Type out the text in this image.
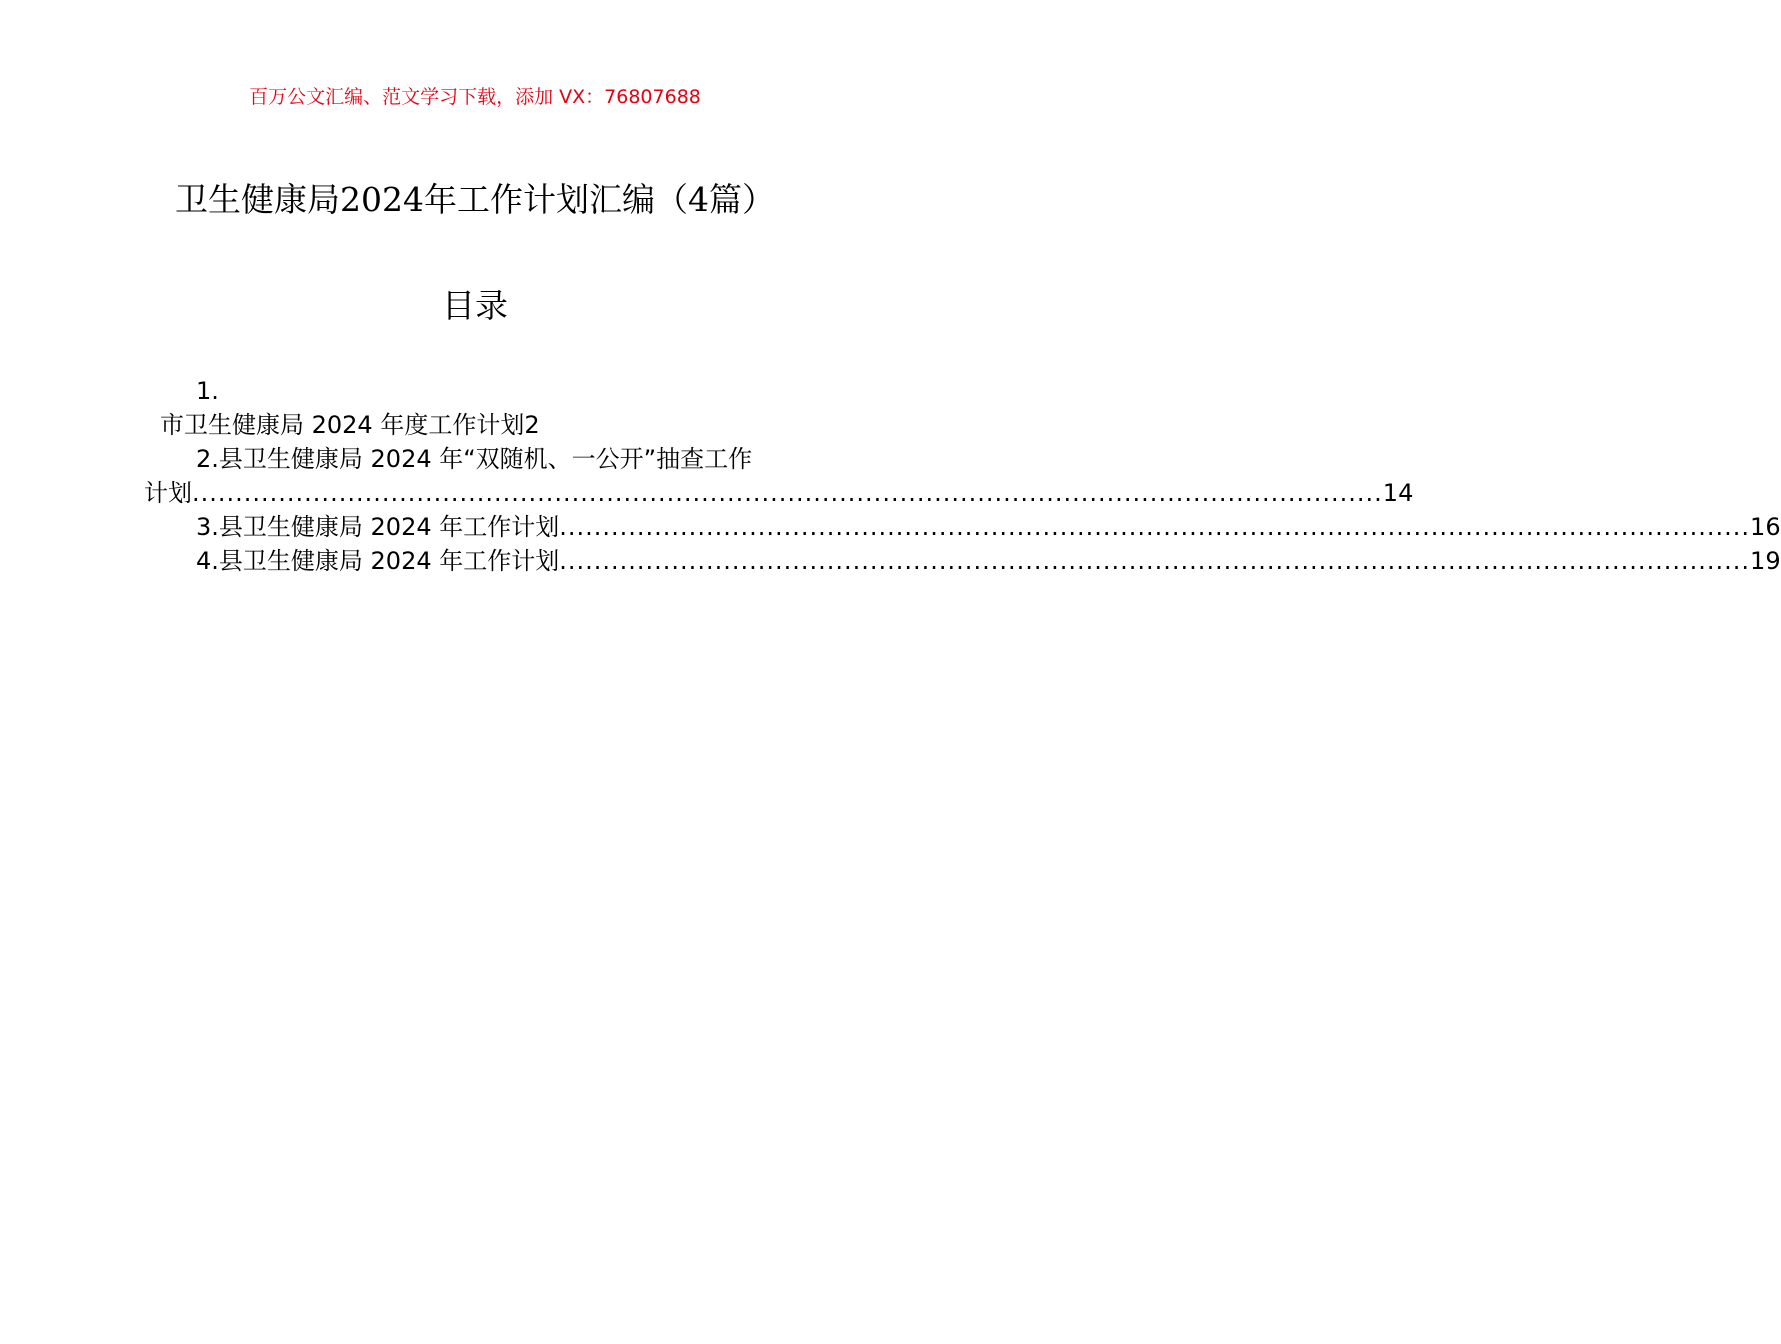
百万公文汇编、范文学习下载，添加 VX：76807688
卫生健康局2024年工作计划汇编（4篇）
目录
1.
市卫生健康局 2024 年度工作计划2
2.县卫生健康局 2024 年“双随机、一公开”抽查工作
计划 .......................................................................................................................................... 14
3.县卫生健康局 2024 年工作计划 .......................................................................................................................................... 16
4.县卫生健康局 2024 年工作计划 .......................................................................................................................................... 19
